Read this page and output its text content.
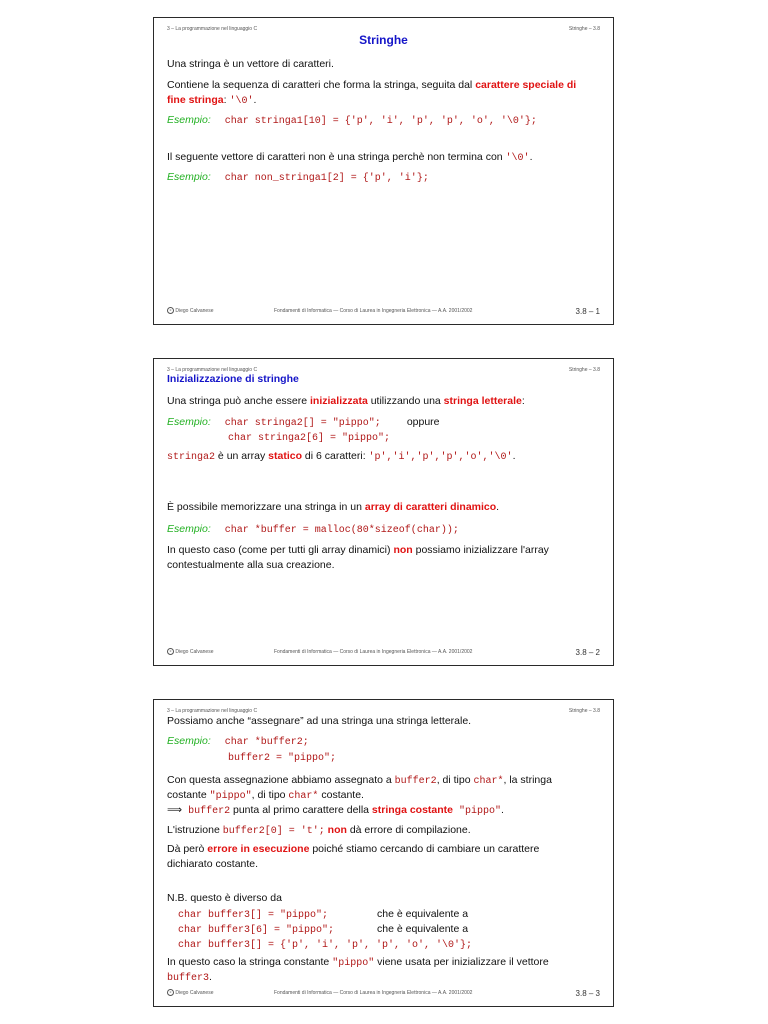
3 – La programmazione nel linguaggio C	Stringhe – 3.8
Stringhe
Una stringa è un vettore di caratteri.
Contiene la sequenza di caratteri che forma la stringa, seguita dal carattere speciale di
fine stringa: '\0'.
Esempio: char stringa1[10] = {'p', 'i', 'p', 'p', 'o', '\0'};
Il seguente vettore di caratteri non è una stringa perchè non termina con '\0'.
Esempio: char non_stringa1[2] = {'p', 'i'};
c Diego Calvanese	Fondamenti di Informatica — Corso di Laurea in Ingegneria Elettronica — A.A. 2001/2002	3.8 – 1
3 – La programmazione nel linguaggio C	Stringhe – 3.8
Inizializzazione di stringhe
Una stringa può anche essere inizializzata utilizzando una stringa letterale:
Esempio: char stringa2[] = "pippo"; oppure
char stringa2[6] = "pippo";
stringa2 è un array statico di 6 caratteri: 'p','i','p','p','o','\0'.
È possibile memorizzare una stringa in un array di caratteri dinamico.
Esempio: char *buffer = malloc(80*sizeof(char));
In questo caso (come per tutti gli array dinamici) non possiamo inizializzare l'array
contestualmente alla sua creazione.
c Diego Calvanese	Fondamenti di Informatica — Corso di Laurea in Ingegneria Elettronica — A.A. 2001/2002	3.8 – 2
3 – La programmazione nel linguaggio C	Stringhe – 3.8
Possiamo anche “assegnare” ad una stringa una stringa letterale.
Esempio: char *buffer2;
buffer2 = "pippo";
Con questa assegnazione abbiamo assegnato a buffer2, di tipo char*, la stringa
costante "pippo", di tipo char* costante.
⟹ buffer2 punta al primo carattere della stringa costante "pippo".
L'istruzione buffer2[0] = 't'; non dà errore di compilazione.
Dà però errore in esecuzione poiché stiamo cercando di cambiare un carattere
dichiarato costante.
N.B. questo è diverso da
char buffer3[] = "pippo";	che è equivalente a
char buffer3[6] = "pippo";	che è equivalente a
char buffer3[] = {'p', 'i', 'p', 'p', 'o', '\0'};
In questo caso la stringa constante "pippo" viene usata per inizializzare il vettore
buffer3.
c Diego Calvanese	Fondamenti di Informatica — Corso di Laurea in Ingegneria Elettronica — A.A. 2001/2002	3.8 – 3
